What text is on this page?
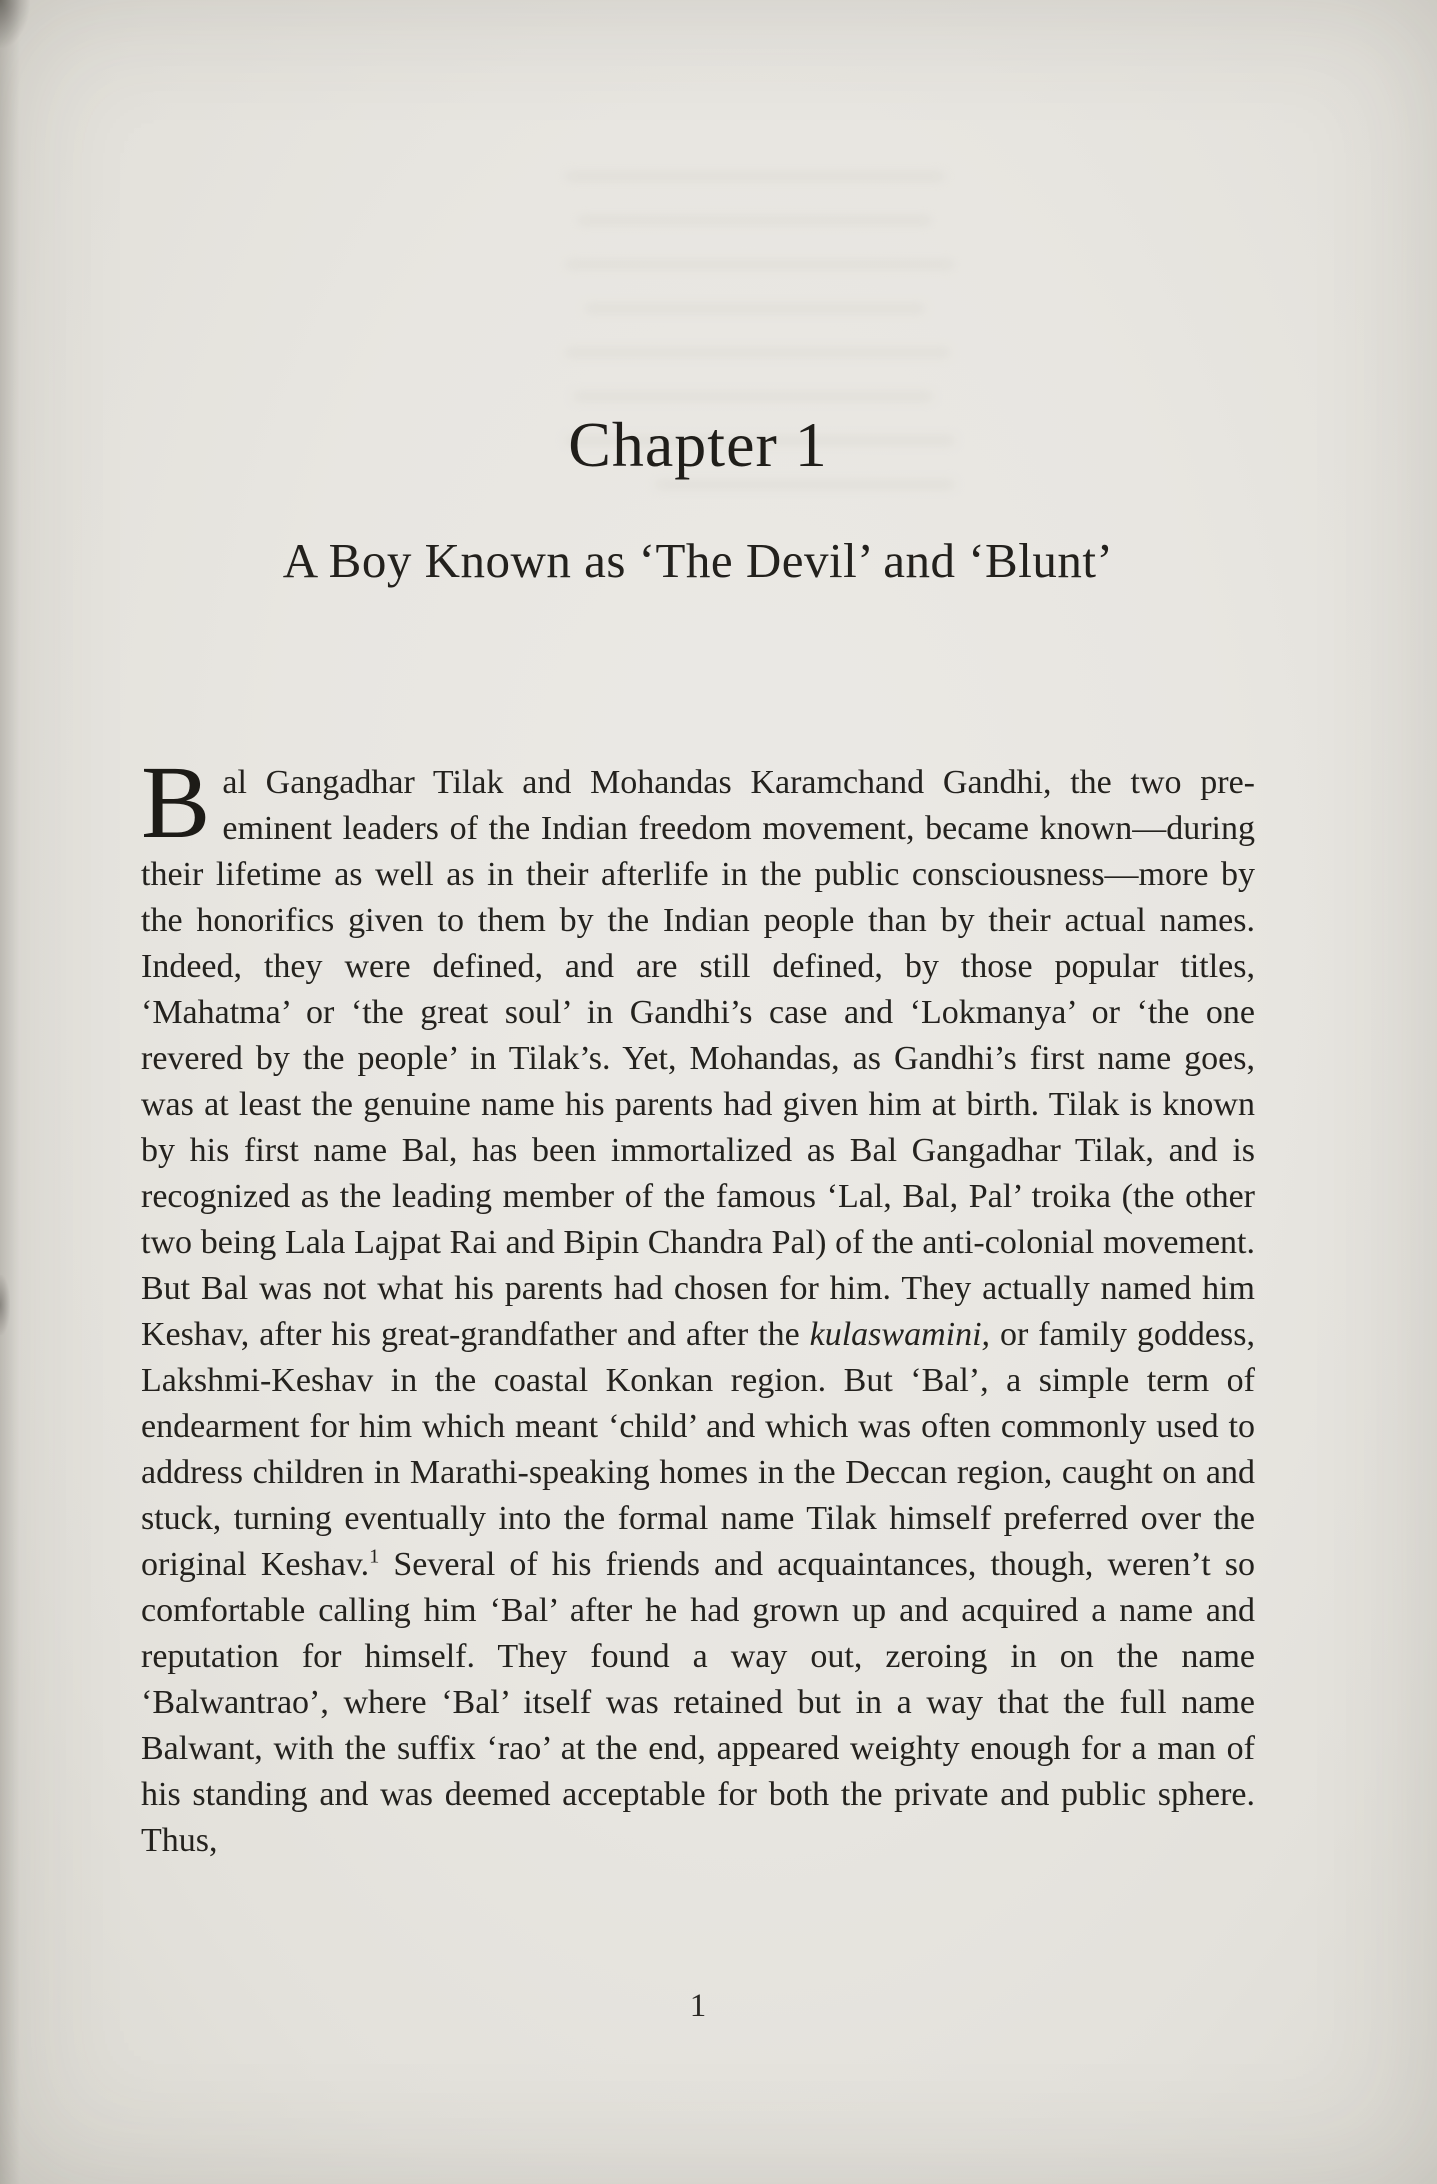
Chapter 1
A Boy Known as ‘The Devil’ and ‘Blunt’

Bal Gangadhar Tilak and Mohandas Karamchand Gandhi, the two pre-eminent leaders of the Indian freedom movement, became known—during their lifetime as well as in their afterlife in the public consciousness—more by the honorifics given to them by the Indian people than by their actual names. Indeed, they were defined, and are still defined, by those popular titles, ‘Mahatma’ or ‘the great soul’ in Gandhi’s case and ‘Lokmanya’ or ‘the one revered by the people’ in Tilak’s. Yet, Mohandas, as Gandhi’s first name goes, was at least the genuine name his parents had given him at birth. Tilak is known by his first name Bal, has been immortalized as Bal Gangadhar Tilak, and is recognized as the leading member of the famous ‘Lal, Bal, Pal’ troika (the other two being Lala Lajpat Rai and Bipin Chandra Pal) of the anti-colonial movement. But Bal was not what his parents had chosen for him. They actually named him Keshav, after his great-grandfather and after the kulaswamini, or family goddess, Lakshmi-Keshav in the coastal Konkan region. But ‘Bal’, a simple term of endearment for him which meant ‘child’ and which was often commonly used to address children in Marathi-speaking homes in the Deccan region, caught on and stuck, turning eventually into the formal name Tilak himself preferred over the original Keshav.$^1$ Several of his friends and acquaintances, though, weren’t so comfortable calling him ‘Bal’ after he had grown up and acquired a name and reputation for himself. They found a way out, zeroing in on the name ‘Balwantrao’, where ‘Bal’ itself was retained but in a way that the full name Balwant, with the suffix ‘rao’ at the end, appeared weighty enough for a man of his standing and was deemed acceptable for both the private and public sphere. Thus,

1
